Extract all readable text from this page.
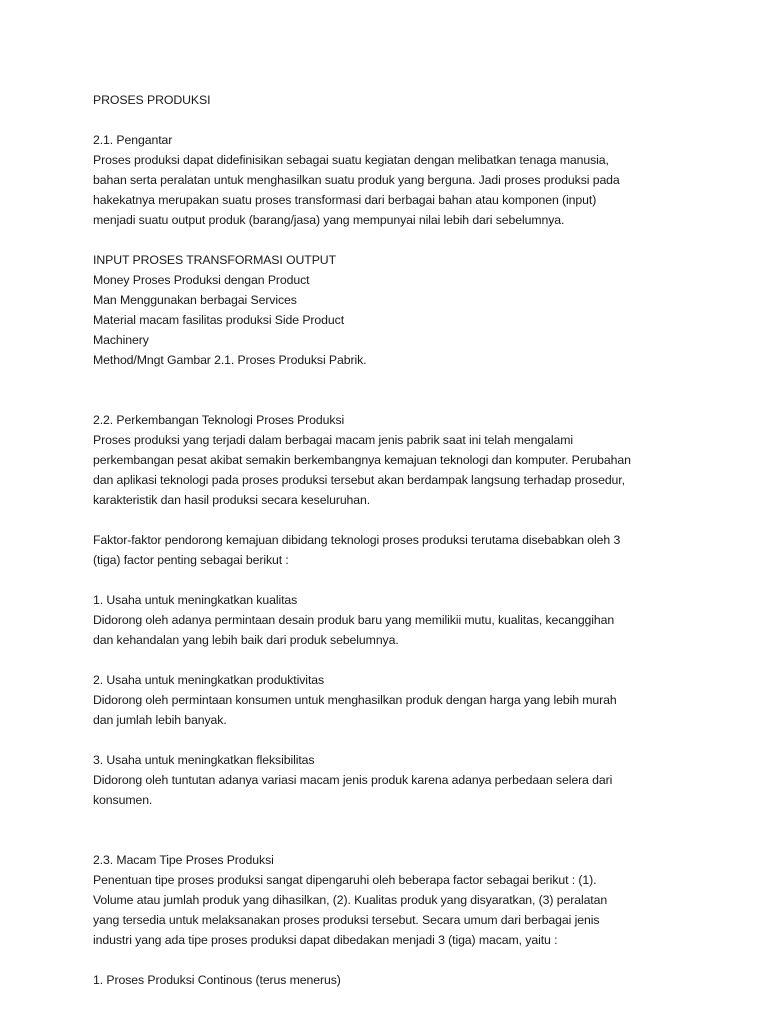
PROSES PRODUKSI
2.1. Pengantar
Proses produksi dapat didefinisikan sebagai suatu kegiatan dengan melibatkan tenaga manusia,
bahan serta peralatan untuk menghasilkan suatu produk yang berguna. Jadi proses produksi pada
hakekatnya merupakan suatu proses transformasi dari berbagai bahan atau komponen (input)
menjadi suatu output produk (barang/jasa) yang mempunyai nilai lebih dari sebelumnya.
INPUT PROSES TRANSFORMASI OUTPUT
Money Proses Produksi dengan Product
Man Menggunakan berbagai Services
Material macam fasilitas produksi Side Product
Machinery
Method/Mngt Gambar 2.1. Proses Produksi Pabrik.
2.2. Perkembangan Teknologi Proses Produksi
Proses produksi yang terjadi dalam berbagai macam jenis pabrik saat ini telah mengalami
perkembangan pesat akibat semakin berkembangnya kemajuan teknologi dan komputer. Perubahan
dan aplikasi teknologi pada proses produksi tersebut akan berdampak langsung terhadap prosedur,
karakteristik dan hasil produksi secara keseluruhan.
Faktor-faktor pendorong kemajuan dibidang teknologi proses produksi terutama disebabkan oleh 3
(tiga) factor penting sebagai berikut :
1. Usaha untuk meningkatkan kualitas
Didorong oleh adanya permintaan desain produk baru yang memilikii mutu, kualitas, kecanggihan
dan kehandalan yang lebih baik dari produk sebelumnya.
2. Usaha untuk meningkatkan produktivitas
Didorong oleh permintaan konsumen untuk menghasilkan produk dengan harga yang lebih murah
dan jumlah lebih banyak.
3. Usaha untuk meningkatkan fleksibilitas
Didorong oleh tuntutan adanya variasi macam jenis produk karena adanya perbedaan selera dari
konsumen.
2.3. Macam Tipe Proses Produksi
Penentuan tipe proses produksi sangat dipengaruhi oleh beberapa factor sebagai berikut : (1).
Volume atau jumlah produk yang dihasilkan, (2). Kualitas produk yang disyaratkan, (3) peralatan
yang tersedia untuk melaksanakan proses produksi tersebut. Secara umum dari berbagai jenis
industri yang ada tipe proses produksi dapat dibedakan menjadi 3 (tiga) macam, yaitu :
1. Proses Produksi Continous (terus menerus)
